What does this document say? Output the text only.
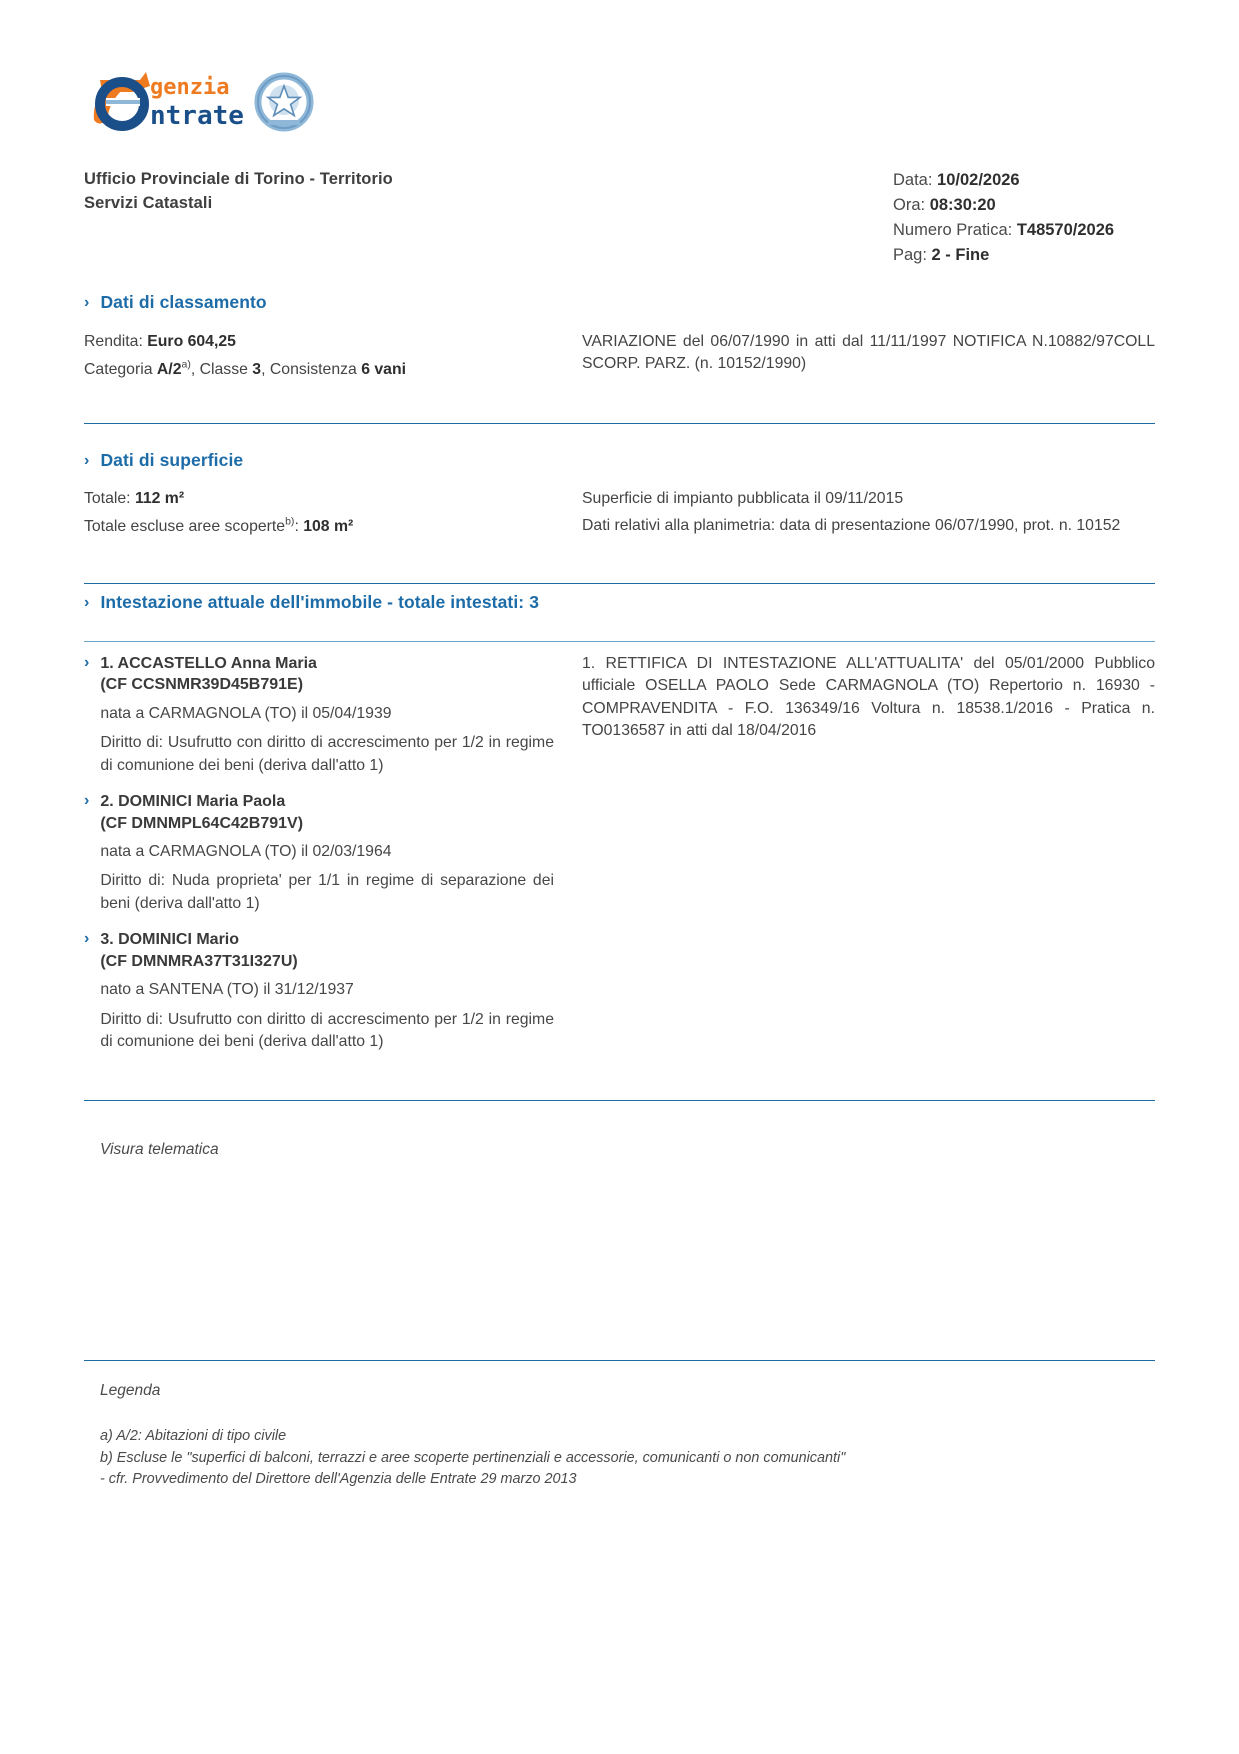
genzia
ntrate
Ufficio Provinciale di Torino - Territorio
Servizi Catastali
Data: 10/02/2026
Ora: 08:30:20
Numero Pratica: T48570/2026
Pag: 2 - Fine
› Dati di classamento
Rendita: Euro 604,25
Categoria A/2$^{a)}$, Classe 3, Consistenza 6 vani
VARIAZIONE del 06/07/1990 in atti dal 11/11/1997 NOTIFICA N.10882/97COLL SCORP. PARZ. (n. 10152/1990)
› Dati di superficie
Totale: 112 m²
Totale escluse aree scoperte$^{b)}$: 108 m²
Superficie di impianto pubblicata il 09/11/2015
Dati relativi alla planimetria: data di presentazione 06/07/1990, prot. n. 10152
› Intestazione attuale dell'immobile - totale intestati: 3
› 1. ACCASTELLO Anna Maria
(CF CCSNMR39D45B791E)
nata a CARMAGNOLA (TO) il 05/04/1939
Diritto di: Usufrutto con diritto di accrescimento per 1/2 in regime di comunione dei beni (deriva dall'atto 1)
› 2. DOMINICI Maria Paola
(CF DMNMPL64C42B791V)
nata a CARMAGNOLA (TO) il 02/03/1964
Diritto di: Nuda proprieta' per 1/1 in regime di separazione dei beni (deriva dall'atto 1)
› 3. DOMINICI Mario
(CF DMNMRA37T31I327U)
nato a SANTENA (TO) il 31/12/1937
Diritto di: Usufrutto con diritto di accrescimento per 1/2 in regime di comunione dei beni (deriva dall'atto 1)
1. RETTIFICA DI INTESTAZIONE ALL'ATTUALITA' del 05/01/2000 Pubblico ufficiale OSELLA PAOLO Sede CARMAGNOLA (TO) Repertorio n. 16930 - COMPRAVENDITA - F.O. 136349/16 Voltura n. 18538.1/2016 - Pratica n. TO0136587 in atti dal 18/04/2016
Visura telematica
Legenda
a) A/2: Abitazioni di tipo civile
b) Escluse le "superfici di balconi, terrazzi e aree scoperte pertinenziali e accessorie, comunicanti o non comunicanti"
- cfr. Provvedimento del Direttore dell'Agenzia delle Entrate 29 marzo 2013
